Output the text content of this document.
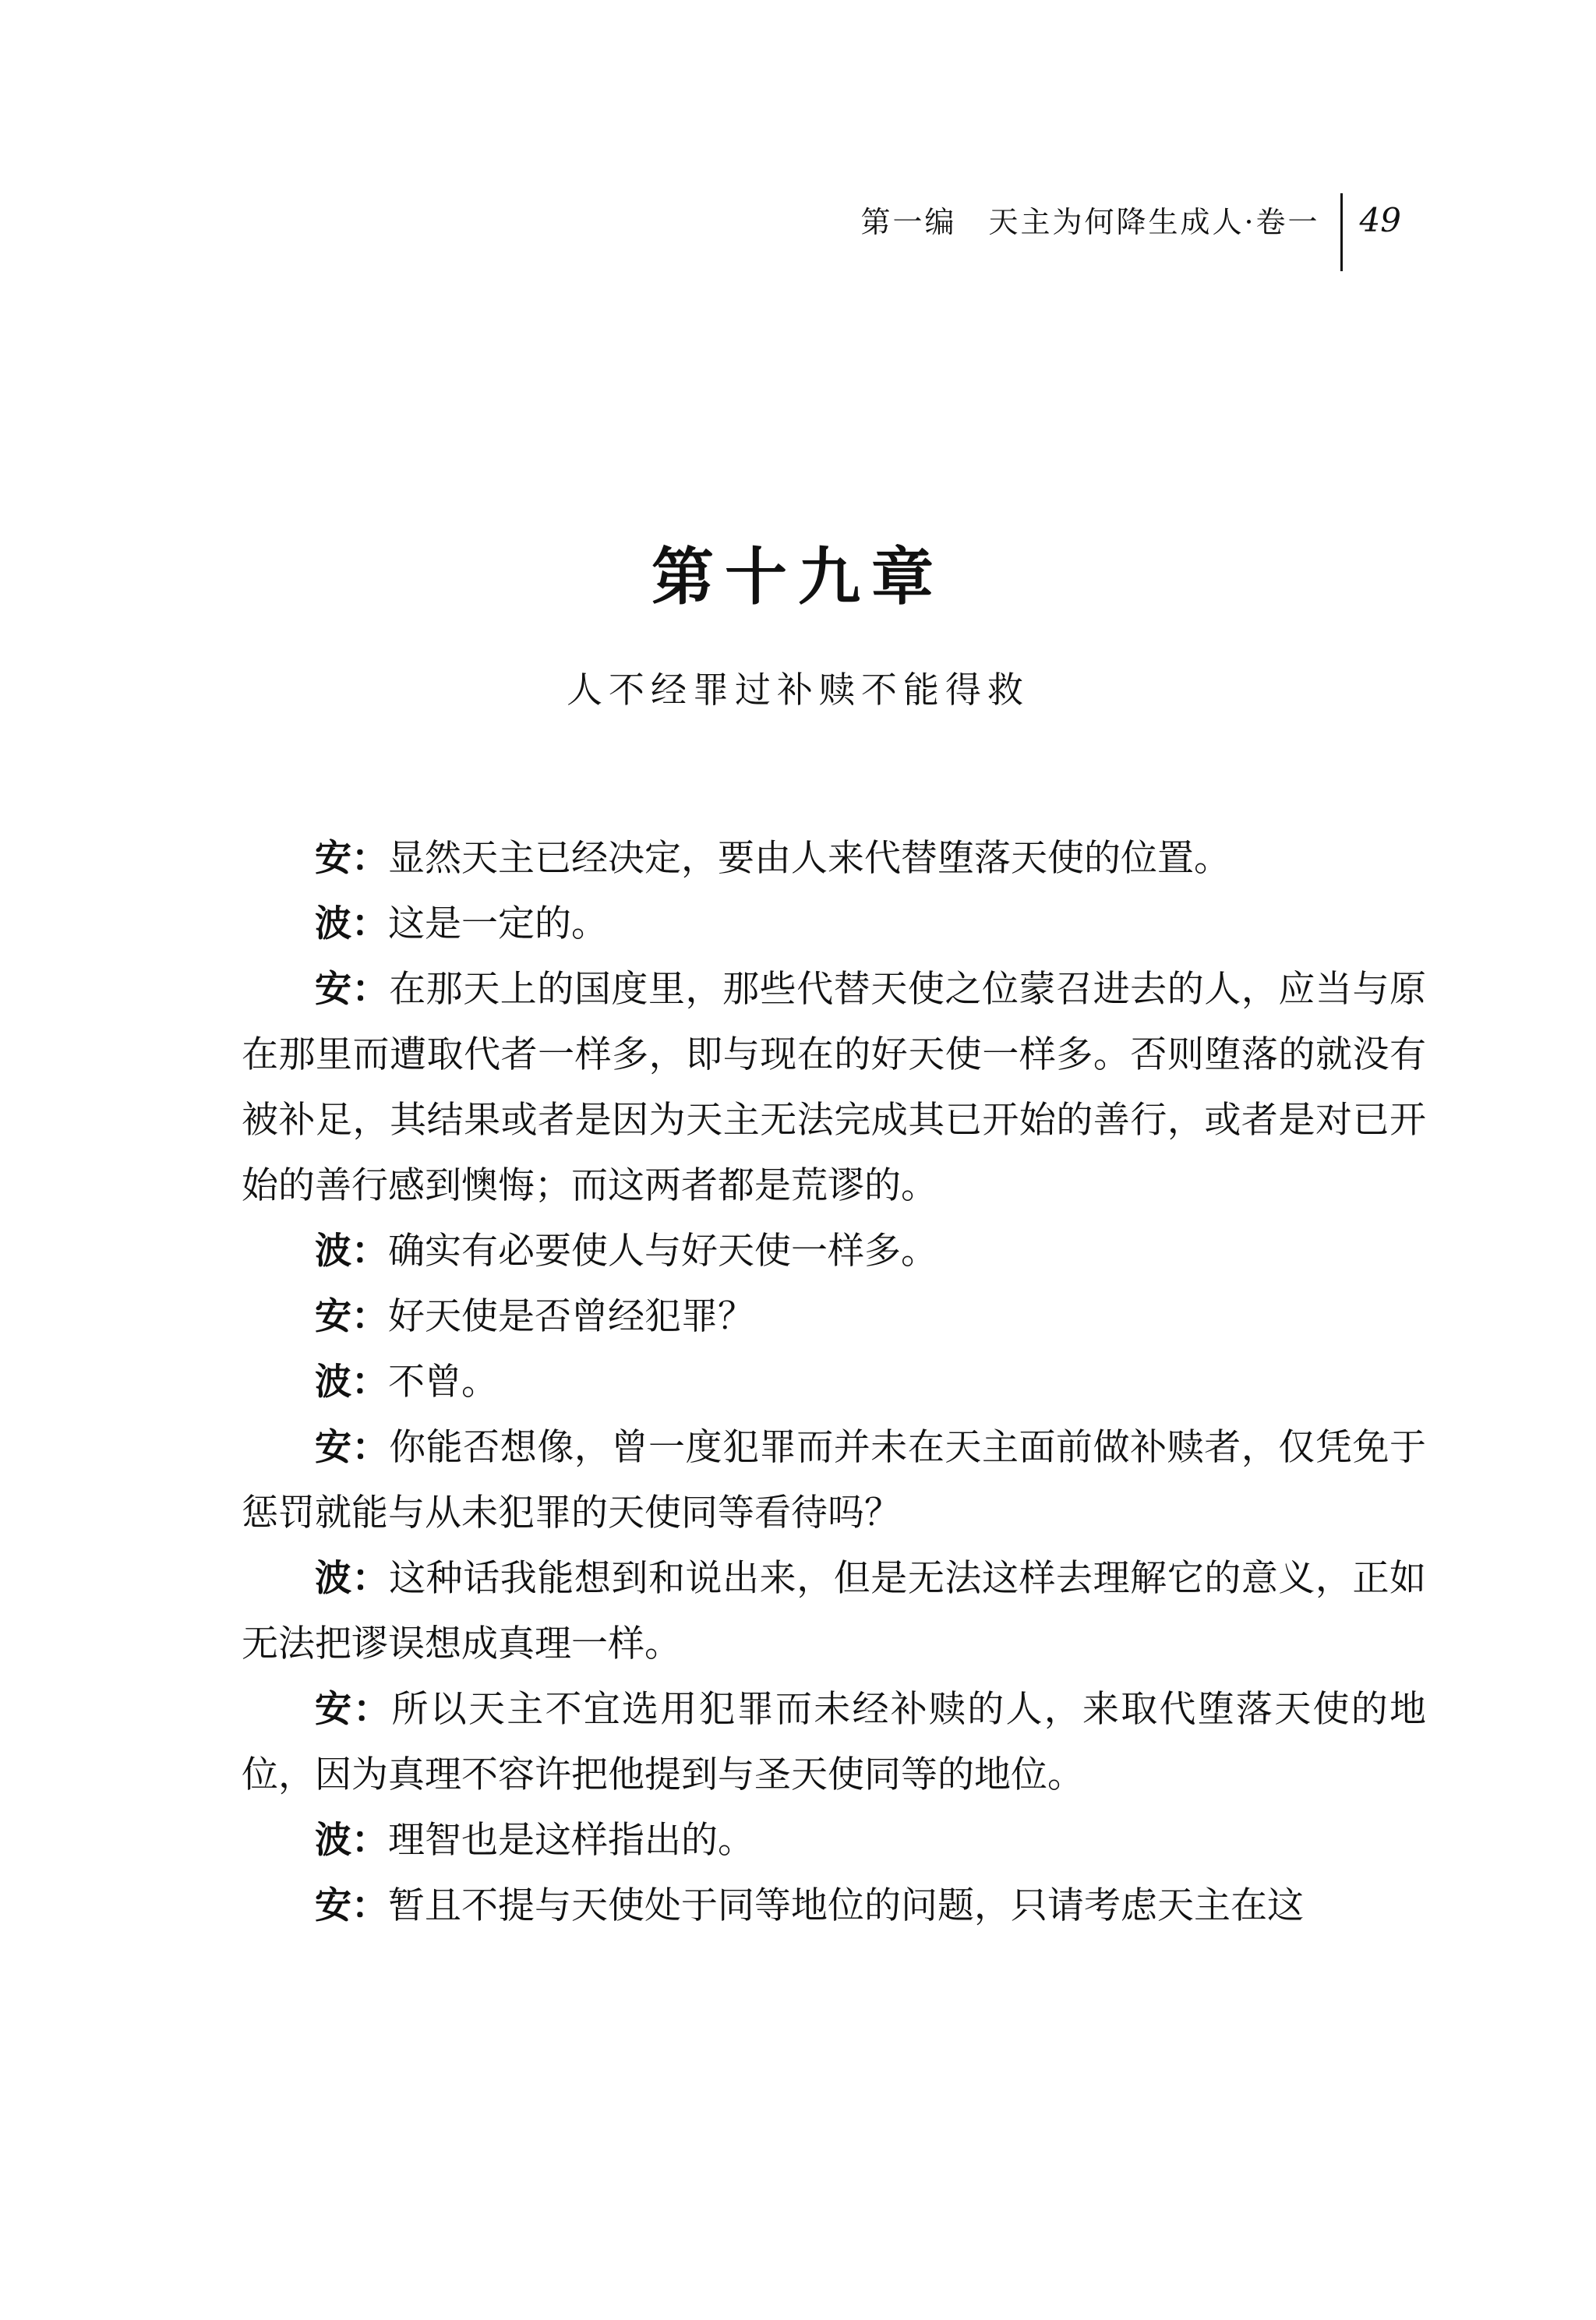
第一编　天主为何降生成人·卷一	49
第十九章
人不经罪过补赎不能得救

安：显然天主已经决定，要由人来代替堕落天使的位置。

波：这是一定的。

安：在那天上的国度里，那些代替天使之位蒙召进去的人，应当与原在那里而遭取代者一样多，即与现在的好天使一样多。否则堕落的就没有被补足，其结果或者是因为天主无法完成其已开始的善行，或者是对已开始的善行感到懊悔；而这两者都是荒谬的。

波：确实有必要使人与好天使一样多。

安：好天使是否曾经犯罪？

波：不曾。

安：你能否想像，曾一度犯罪而并未在天主面前做补赎者，仅凭免于惩罚就能与从未犯罪的天使同等看待吗？

波：这种话我能想到和说出来，但是无法这样去理解它的意义，正如无法把谬误想成真理一样。

安：所以天主不宜选用犯罪而未经补赎的人，来取代堕落天使的地位，因为真理不容许把他提到与圣天使同等的地位。

波：理智也是这样指出的。

安：暂且不提与天使处于同等地位的问题，只请考虑天主在这
